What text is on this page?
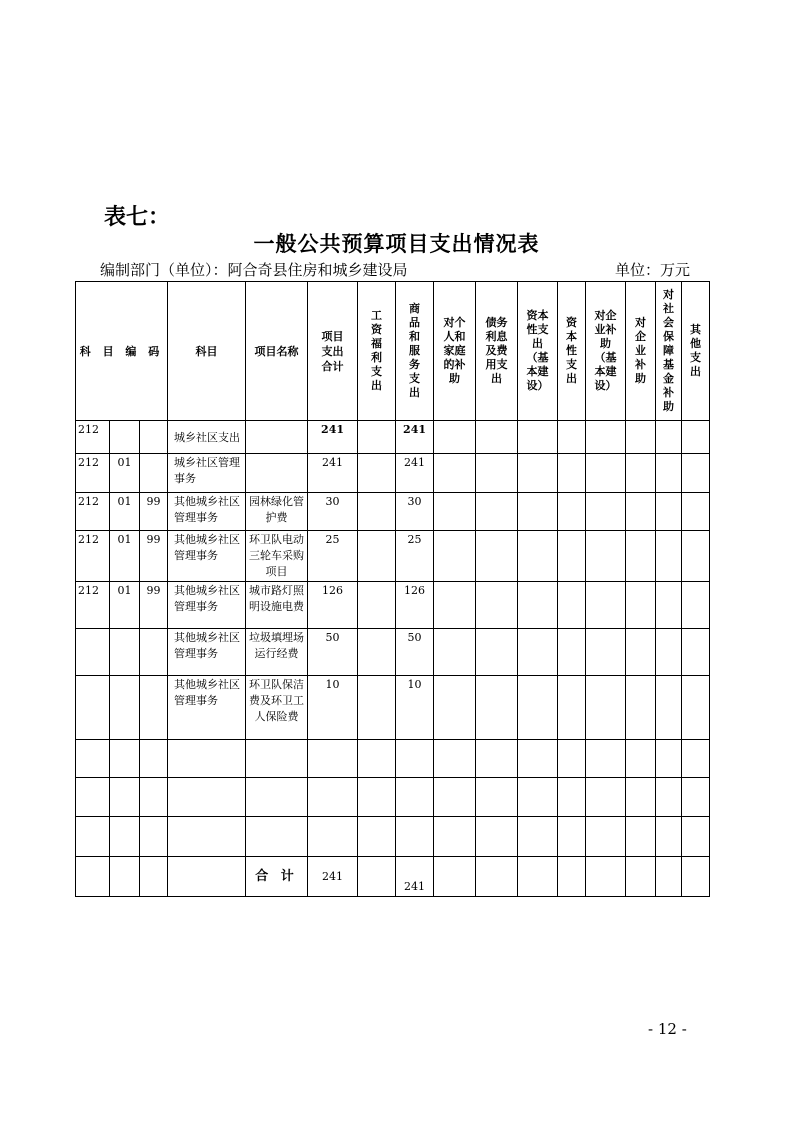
表七：
一般公共预算项目支出情况表
编制部门（单位）：阿合奇县住房和城乡建设局	单位：万元
科 目 编 码			科目	项目名称	项目支出合计	工资福利支出	商品和服务支出	对个人和家庭的补助	债务利息及费用支出	资本性支出（基本建设）	资本性支出	对企业补助（基本建设）	对企业补助	对社会保障基金补助	其他支出
212			城乡社区支出		241		241								
212	01		城乡社区管理事务		241		241								
212	01	99	其他城乡社区管理事务	园林绿化管护费	30		30								
212	01	99	其他城乡社区管理事务	环卫队电动三轮车采购项目	25		25								
212	01	99	其他城乡社区管理事务	城市路灯照明设施电费	126		126								
			其他城乡社区管理事务	垃圾填埋场运行经费	50		50								
			其他城乡社区管理事务	环卫队保洁费及环卫工人保险费	10		10								

				合 计	241		241								
- 12 -
